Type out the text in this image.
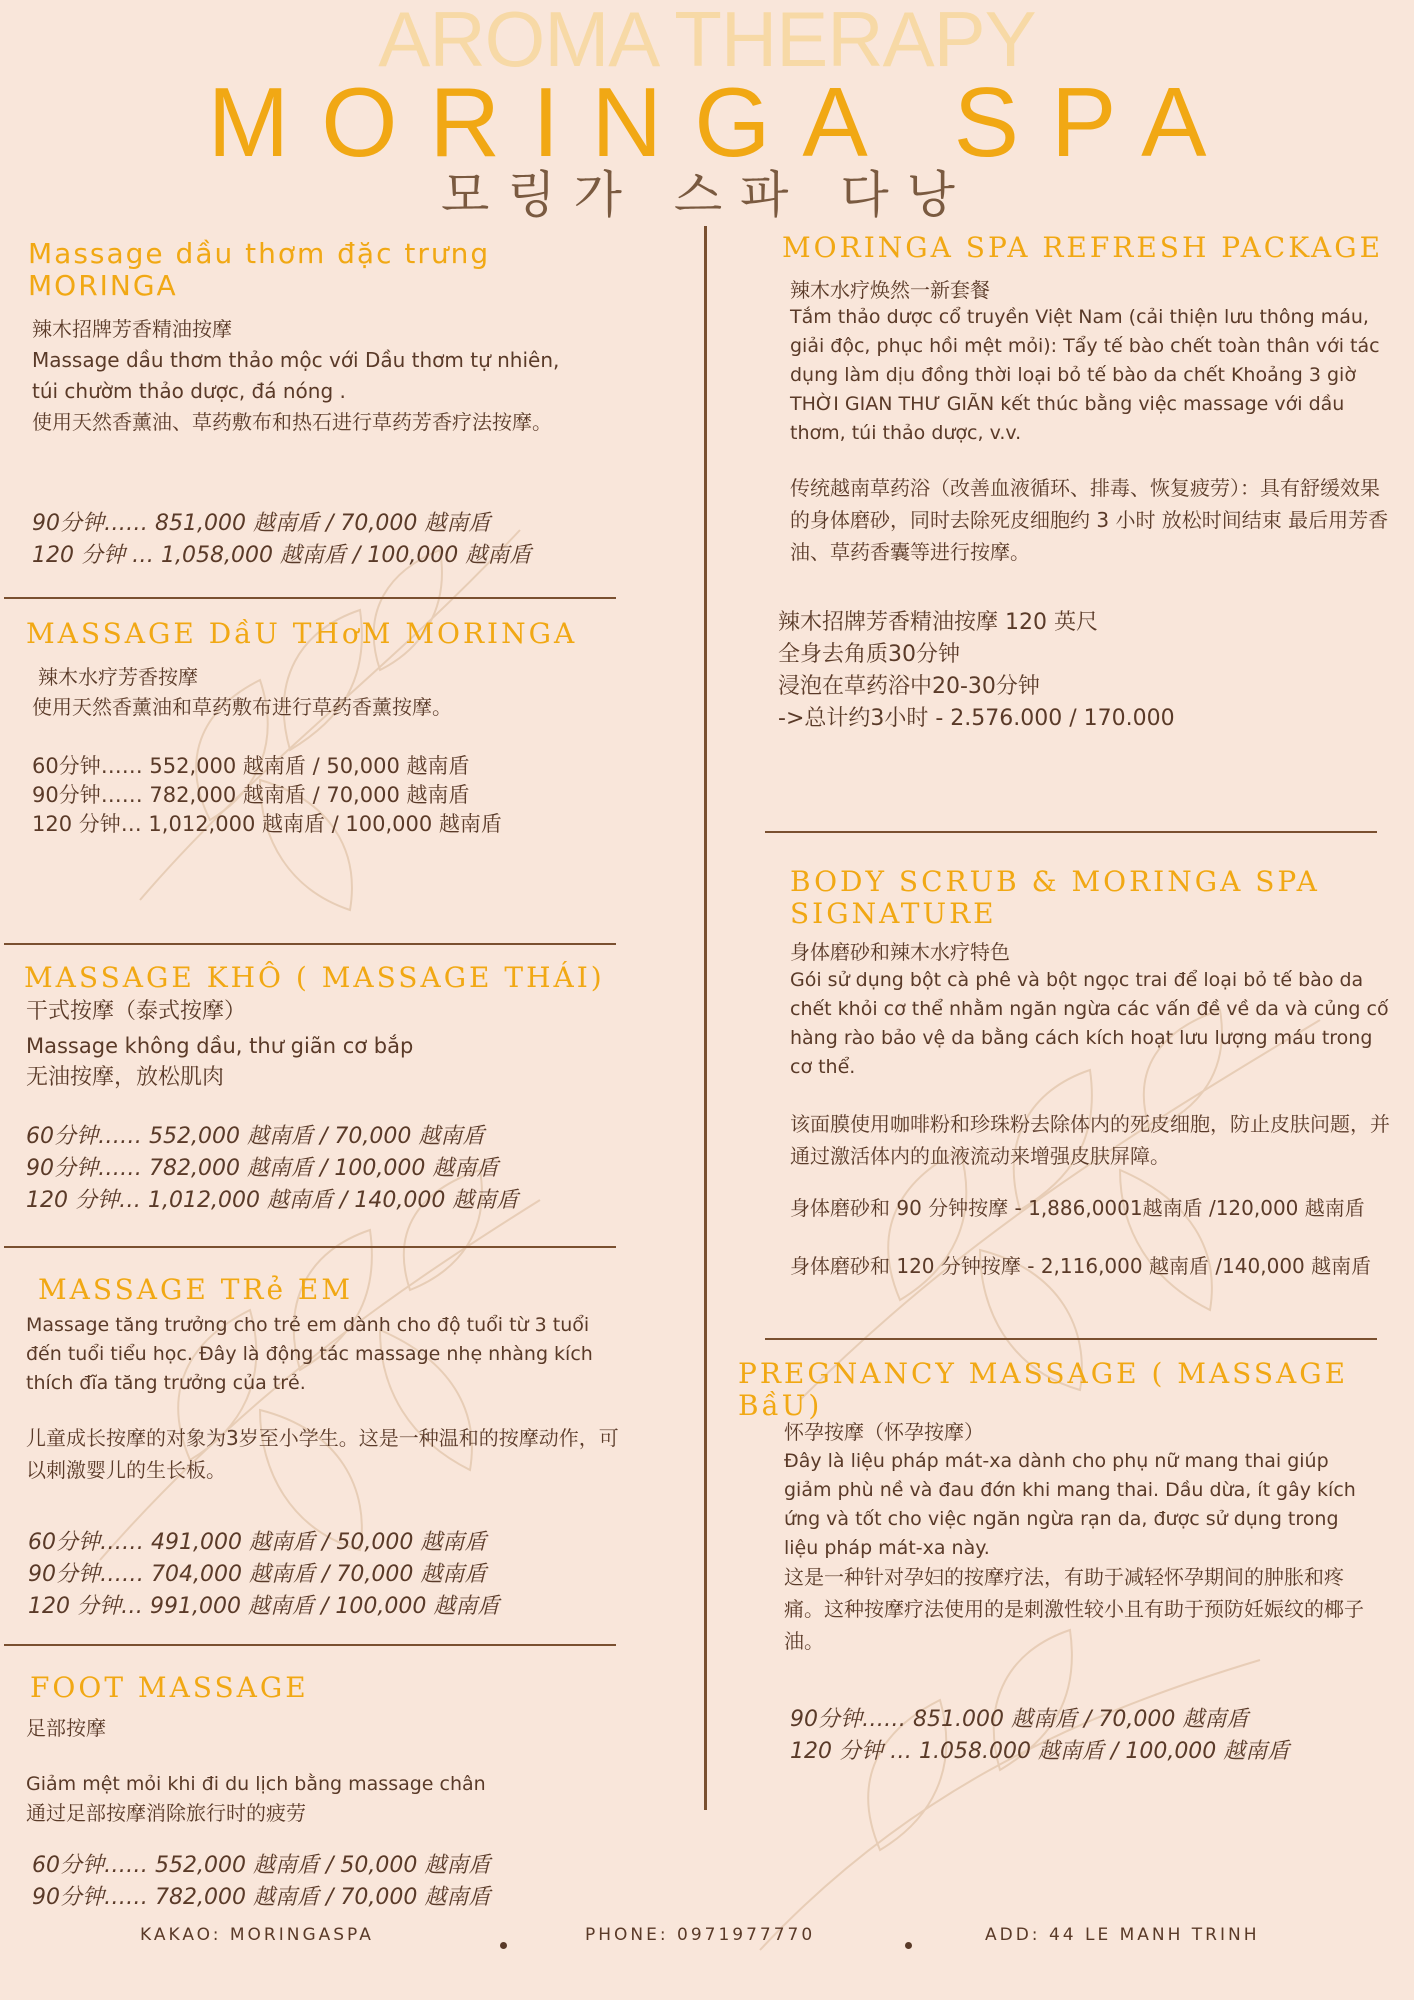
AROMA THERAPY
MORINGA SPA
모링가 스파 다낭
Massage dầu thơm đặc trưng MORINGA
辣木招牌芳香精油按摩
Massage dầu thơm thảo mộc với Dầu thơm tự nhiên, túi chườm thảo dược, đá nóng .
使用天然香薰油、草药敷布和热石进行草药芳香疗法按摩。
90分钟…… 851,000 越南盾 / 70,000 越南盾
120 分钟 … 1,058,000 越南盾 / 100,000 越南盾
MASSAGE DầU THơM MORINGA
辣木水疗芳香按摩
使用天然香薰油和草药敷布进行草药香薰按摩。
60分钟…… 552,000 越南盾 / 50,000 越南盾
90分钟…… 782,000 越南盾 / 70,000 越南盾
120 分钟… 1,012,000 越南盾 / 100,000 越南盾
MASSAGE KHÔ ( MASSAGE THÁI)
干式按摩（泰式按摩）
Massage không dầu, thư giãn cơ bắp
无油按摩，放松肌肉
60分钟…… 552,000 越南盾 / 70,000 越南盾
90分钟…… 782,000 越南盾 / 100,000 越南盾
120 分钟… 1,012,000 越南盾 / 140,000 越南盾
MASSAGE TRẻ EM
Massage tăng trưởng cho trẻ em dành cho độ tuổi từ 3 tuổi đến tuổi tiểu học. Đây là động tác massage nhẹ nhàng kích thích đĩa tăng trưởng của trẻ.
儿童成长按摩的对象为3岁至小学生。这是一种温和的按摩动作，可以刺激婴儿的生长板。
60分钟…… 491,000 越南盾 / 50,000 越南盾
90分钟…… 704,000 越南盾 / 70,000 越南盾
120 分钟… 991,000 越南盾 / 100,000 越南盾
FOOT MASSAGE
足部按摩
Giảm mệt mỏi khi đi du lịch bằng massage chân
通过足部按摩消除旅行时的疲劳
60分钟…… 552,000 越南盾 / 50,000 越南盾
90分钟…… 782,000 越南盾 / 70,000 越南盾
MORINGA SPA REFRESH PACKAGE
辣木水疗焕然一新套餐
Tắm thảo dược cổ truyền Việt Nam (cải thiện lưu thông máu, giải độc, phục hồi mệt mỏi): Tẩy tế bào chết toàn thân với tác dụng làm dịu đồng thời loại bỏ tế bào da chết Khoảng 3 giờ THỜI GIAN THƯ GIÃN kết thúc bằng việc massage với dầu thơm, túi thảo dược, v.v.
传统越南草药浴（改善血液循环、排毒、恢复疲劳）：具有舒缓效果的身体磨砂，同时去除死皮细胞约 3 小时 放松时间结束 最后用芳香油、草药香囊等进行按摩。
辣木招牌芳香精油按摩 120 英尺
全身去角质30分钟
浸泡在草药浴中20-30分钟
->总计约3小时 - 2.576.000 / 170.000
BODY SCRUB & MORINGA SPA SIGNATURE
身体磨砂和辣木水疗特色
Gói sử dụng bột cà phê và bột ngọc trai để loại bỏ tế bào da chết khỏi cơ thể nhằm ngăn ngừa các vấn đề về da và củng cố hàng rào bảo vệ da bằng cách kích hoạt lưu lượng máu trong cơ thể.
该面膜使用咖啡粉和珍珠粉去除体内的死皮细胞，防止皮肤问题，并通过激活体内的血液流动来增强皮肤屏障。
身体磨砂和 90 分钟按摩 - 1,886,0001越南盾 /120,000 越南盾
身体磨砂和 120 分钟按摩 - 2,116,000 越南盾 /140,000 越南盾
PREGNANCY MASSAGE ( MASSAGE BầU)
怀孕按摩（怀孕按摩）
Đây là liệu pháp mát-xa dành cho phụ nữ mang thai giúp giảm phù nề và đau đớn khi mang thai. Dầu dừa, ít gây kích ứng và tốt cho việc ngăn ngừa rạn da, được sử dụng trong liệu pháp mát-xa này.
这是一种针对孕妇的按摩疗法，有助于减轻怀孕期间的肿胀和疼痛。这种按摩疗法使用的是刺激性较小且有助于预防妊娠纹的椰子油。
90分钟…… 851.000 越南盾 / 70,000 越南盾
120 分钟 … 1.058.000 越南盾 / 100,000 越南盾
KAKAO: MORINGASPA	PHONE: 0971977770	ADD: 44 LE MANH TRINH
